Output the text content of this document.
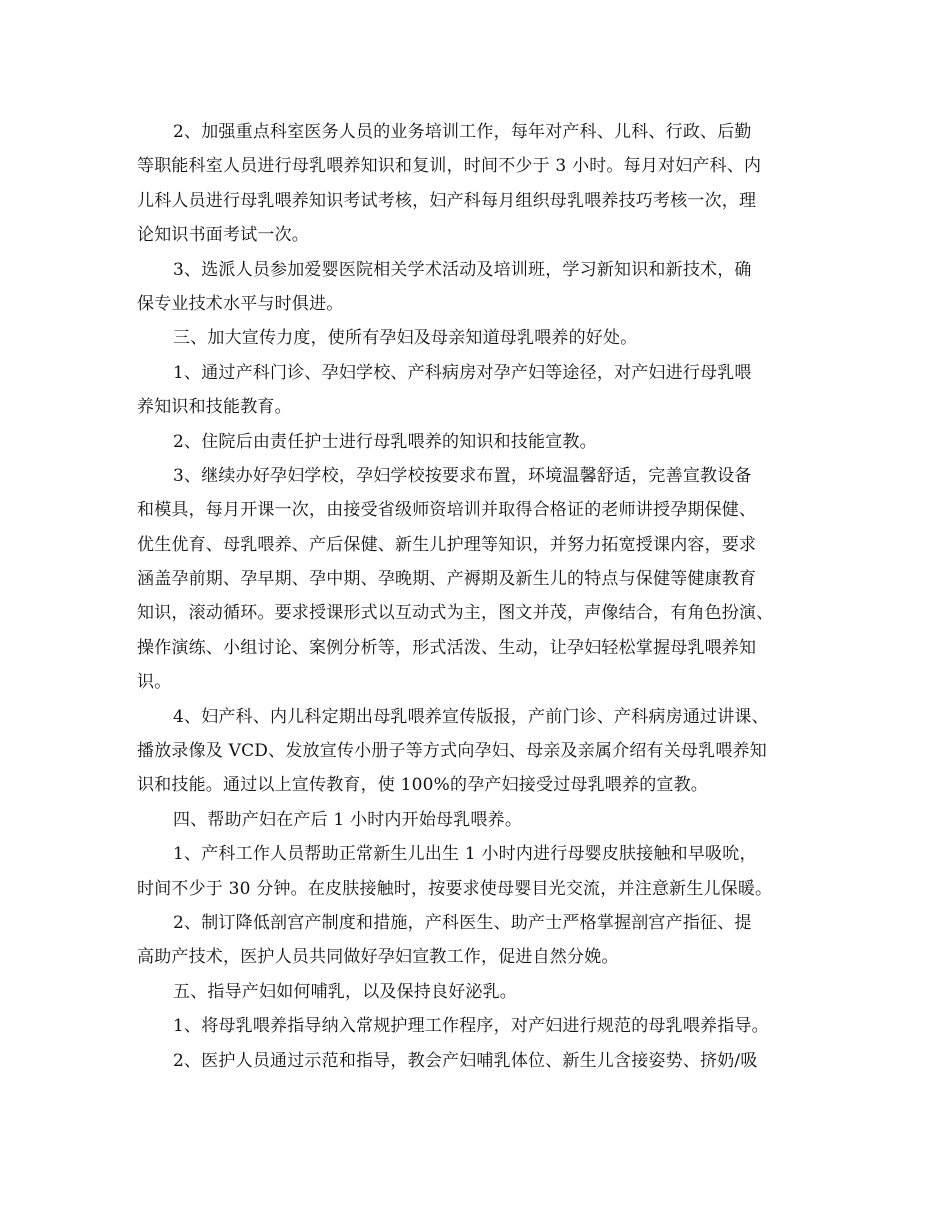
2、加强重点科室医务人员的业务培训工作，每年对产科、儿科、行政、后勤
等职能科室人员进行母乳喂养知识和复训，时间不少于 3 小时。每月对妇产科、内
儿科人员进行母乳喂养知识考试考核，妇产科每月组织母乳喂养技巧考核一次，理
论知识书面考试一次。
3、选派人员参加爱婴医院相关学术活动及培训班，学习新知识和新技术，确
保专业技术水平与时俱进。
三、加大宣传力度，使所有孕妇及母亲知道母乳喂养的好处。
1、通过产科门诊、孕妇学校、产科病房对孕产妇等途径，对产妇进行母乳喂
养知识和技能教育。
2、住院后由责任护士进行母乳喂养的知识和技能宣教。
3、继续办好孕妇学校，孕妇学校按要求布置，环境温馨舒适，完善宣教设备
和模具，每月开课一次，由接受省级师资培训并取得合格证的老师讲授孕期保健、
优生优育、母乳喂养、产后保健、新生儿护理等知识，并努力拓宽授课内容，要求
涵盖孕前期、孕早期、孕中期、孕晚期、产褥期及新生儿的特点与保健等健康教育
知识，滚动循环。要求授课形式以互动式为主，图文并茂，声像结合，有角色扮演、
操作演练、小组讨论、案例分析等，形式活泼、生动，让孕妇轻松掌握母乳喂养知
识。
4、妇产科、内儿科定期出母乳喂养宣传版报，产前门诊、产科病房通过讲课、
播放录像及 VCD、发放宣传小册子等方式向孕妇、母亲及亲属介绍有关母乳喂养知
识和技能。通过以上宣传教育，使 100%的孕产妇接受过母乳喂养的宣教。
四、帮助产妇在产后 1 小时内开始母乳喂养。
1、产科工作人员帮助正常新生儿出生 1 小时内进行母婴皮肤接触和早吸吮，
时间不少于 30 分钟。在皮肤接触时，按要求使母婴目光交流，并注意新生儿保暖。
2、制订降低剖宫产制度和措施，产科医生、助产士严格掌握剖宫产指征、提
高助产技术，医护人员共同做好孕妇宣教工作，促进自然分娩。
五、指导产妇如何哺乳，以及保持良好泌乳。
1、将母乳喂养指导纳入常规护理工作程序，对产妇进行规范的母乳喂养指导。
2、医护人员通过示范和指导，教会产妇哺乳体位、新生儿含接姿势、挤奶/吸
